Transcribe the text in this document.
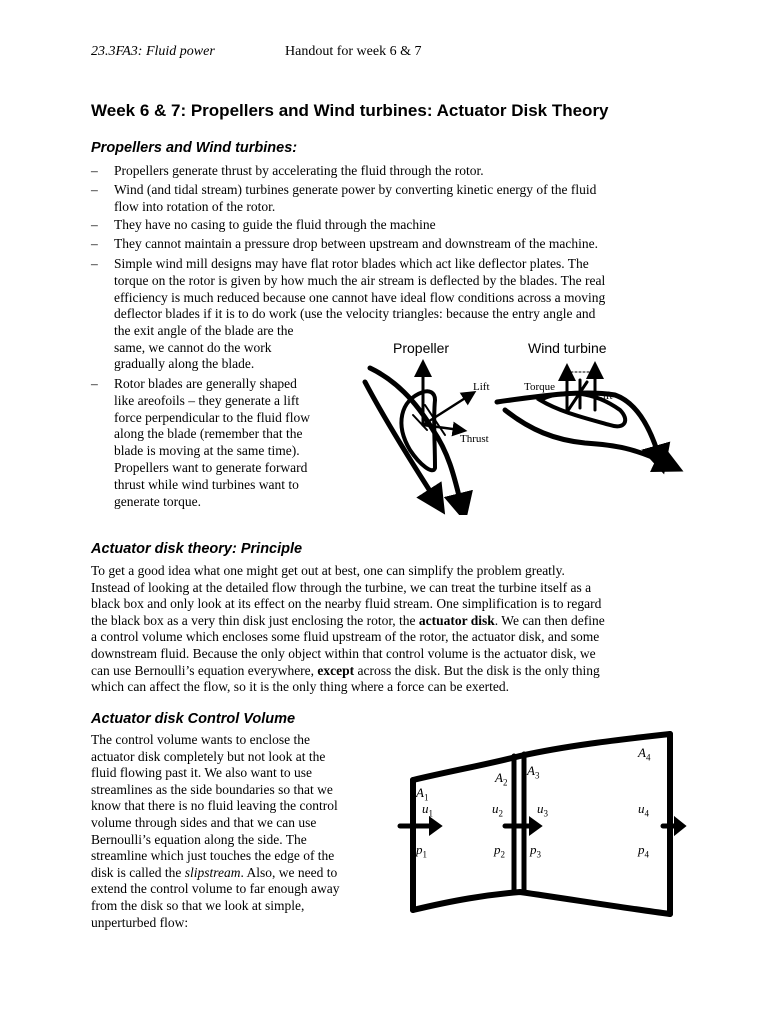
23.3FA3: Fluid power	Handout for week 6 & 7
Week 6 & 7: Propellers and Wind turbines: Actuator Disk Theory
Propellers and Wind turbines:
– Propellers generate thrust by accelerating the fluid through the rotor.
– Wind (and tidal stream) turbines generate power by converting kinetic energy of the fluid
flow into rotation of the rotor.
– They have no casing to guide the fluid through the machine
– They cannot maintain a pressure drop between upstream and downstream of the machine.
– Simple wind mill designs may have flat rotor blades which act like deflector plates. The
torque on the rotor is given by how much the air stream is deflected by the blades. The real
efficiency is much reduced because one cannot have ideal flow conditions across a moving
deflector blades if it is to do work (use the velocity triangles: because the entry angle and
the exit angle of the blade are the
same, we cannot do the work
gradually along the blade.
– Rotor blades are generally shaped
like areofoils – they generate a lift
force perpendicular to the fluid flow
along the blade (remember that the
blade is moving at the same time).
Propellers want to generate forward
thrust while wind turbines want to
generate torque.
Propeller	Wind turbine
Lift
Thrust
Torque
Lift
Actuator disk theory: Principle

To get a good idea what one might get out at best, one can simplify the problem greatly.

Instead of looking at the detailed flow through the turbine, we can treat the turbine itself as a

black box and only look at its effect on the nearby fluid stream. One simplification is to regard

the black box as a very thin disk just enclosing the rotor, the actuator disk. We can then define

a control volume which encloses some fluid upstream of the rotor, the actuator disk, and some

downstream fluid. Because the only object within that control volume is the actuator disk, we

can use Bernoulli’s equation everywhere, except across the disk. But the disk is the only thing

which can affect the flow, so it is the only thing where a force can be exerted.

Actuator disk Control Volume

The control volume wants to enclose the

actuator disk completely but not look at the

fluid flowing past it. We also want to use

streamlines as the side boundaries so that we

know that there is no fluid leaving the control

volume through sides and that we can use

Bernoulli’s equation along the side. The

streamline which just touches the edge of the

disk is called the slipstream. Also, we need to

extend the control volume to far enough away

from the disk so that we look at simple,

unperturbed flow:

$A_1$
$A_2$
$A_3$
$A_4$
$u_1$	$u_2$	$u_3$	$u_4$
$p_1$	$p_2$ $p_3$	$p_4$
